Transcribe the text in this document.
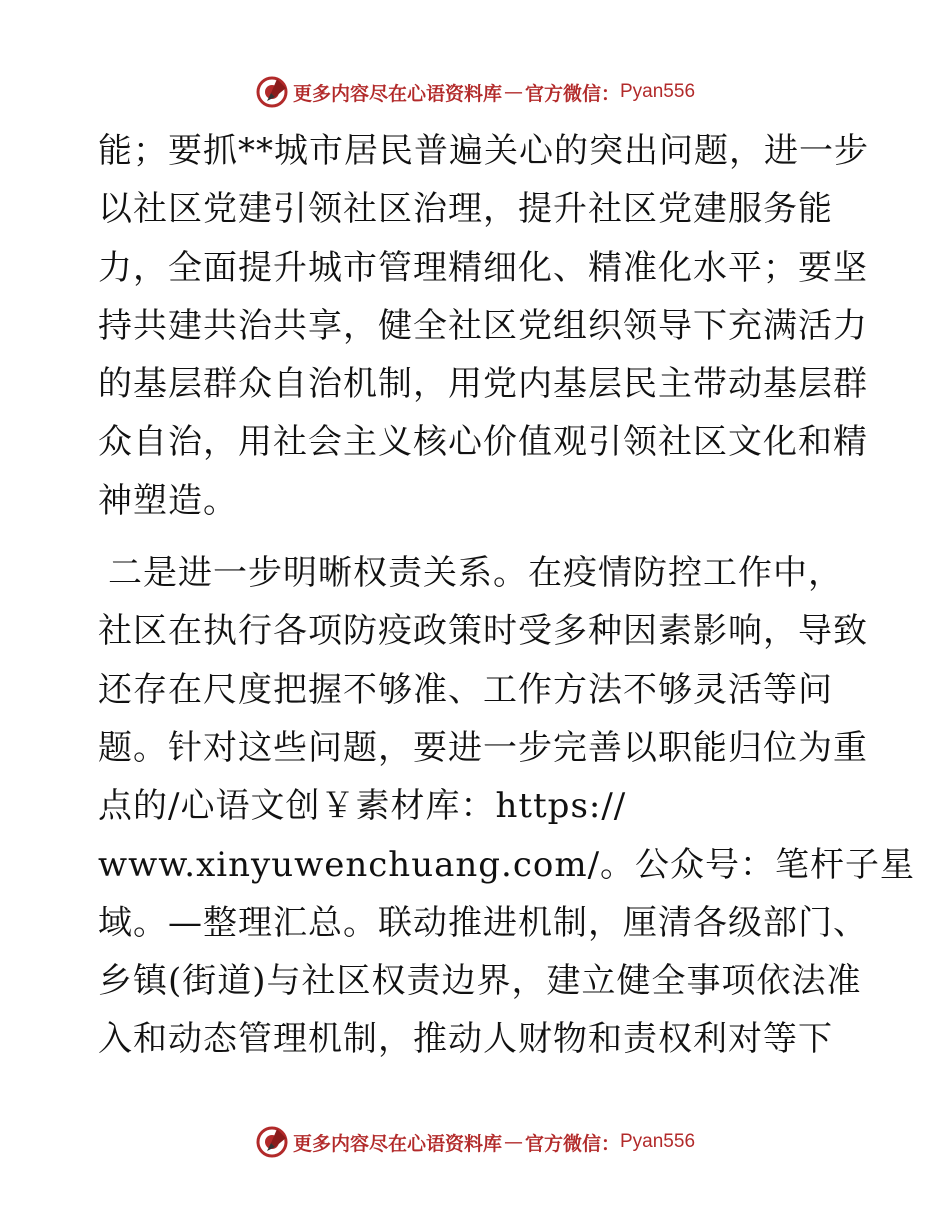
更多内容尽在心语资料库 — 官方微信： Pyan556
能；要抓**城市居民普遍关心的突出问题，进一步
以社区党建引领社区治理，提升社区党建服务能
力，全面提升城市管理精细化、精准化水平；要坚
持共建共治共享，健全社区党组织领导下充满活力
的基层群众自治机制，用党内基层民主带动基层群
众自治，用社会主义核心价值观引领社区文化和精
神塑造。
二是进一步明晰权责关系。在疫情防控工作中，
社区在执行各项防疫政策时受多种因素影响，导致
还存在尺度把握不够准、工作方法不够灵活等问
题。针对这些问题，要进一步完善以职能归位为重
点的/心语文创￥素材库：https://
www.xinyuwenchuang.com/。公众号：笔杆子星
域。—整理汇总。联动推进机制，厘清各级部门、
乡镇(街道)与社区权责边界，建立健全事项依法准
入和动态管理机制，推动人财物和责权利对等下
更多内容尽在心语资料库 — 官方微信： Pyan556
